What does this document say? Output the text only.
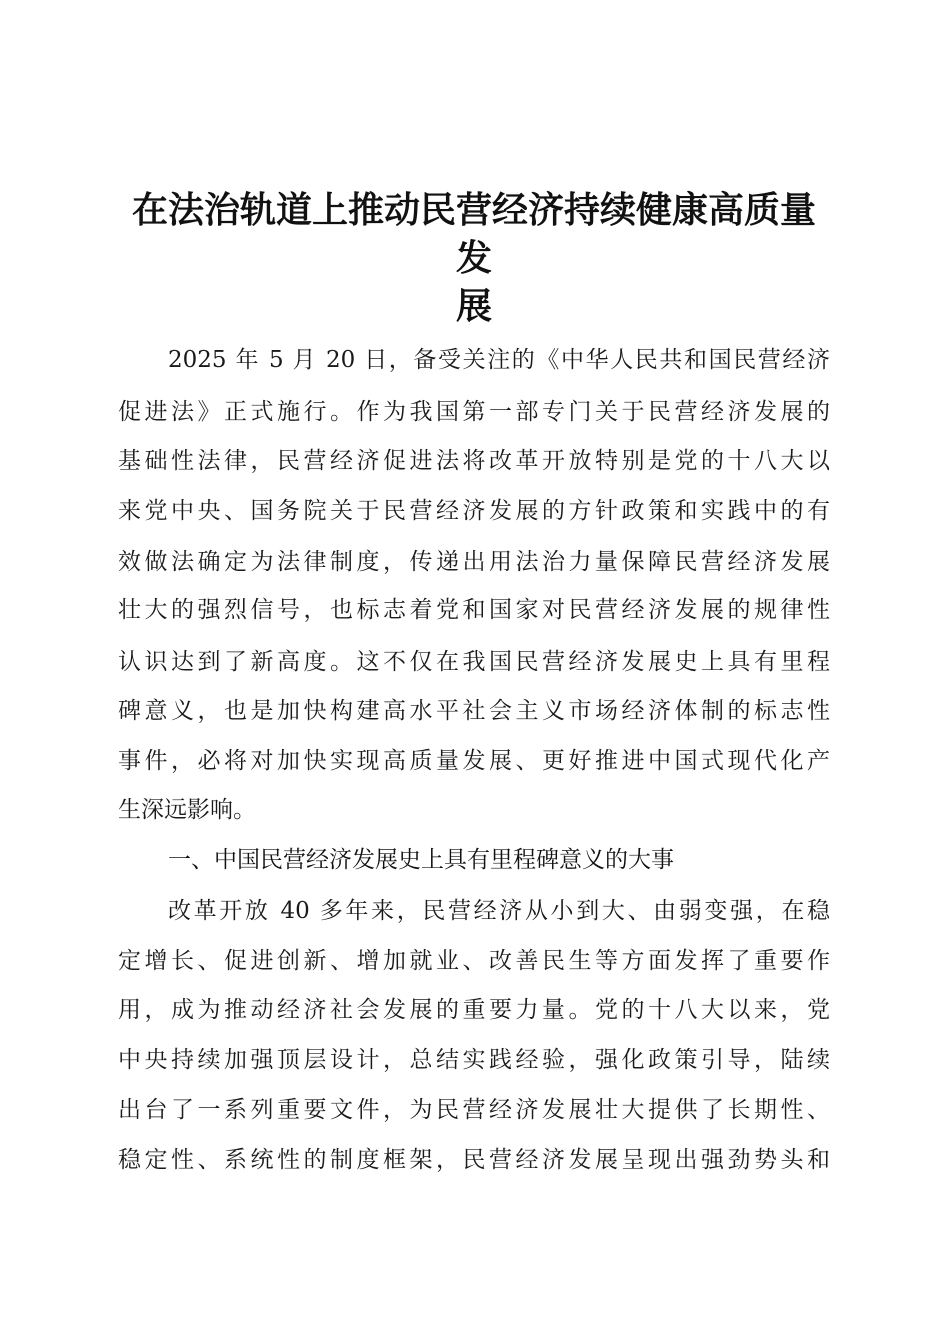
在法治轨道上推动民营经济持续健康高质量发
展

2025 年 5 月 20 日，备受关注的《中华人民共和国民营经济

促进法》正式施行。作为我国第一部专门关于民营经济发展的

基础性法律，民营经济促进法将改革开放特别是党的十八大以

来党中央、国务院关于民营经济发展的方针政策和实践中的有

效做法确定为法律制度，传递出用法治力量保障民营经济发展

壮大的强烈信号，也标志着党和国家对民营经济发展的规律性

认识达到了新高度。这不仅在我国民营经济发展史上具有里程

碑意义，也是加快构建高水平社会主义市场经济体制的标志性

事件，必将对加快实现高质量发展、更好推进中国式现代化产

生深远影响。

一、中国民营经济发展史上具有里程碑意义的大事

改革开放 40 多年来，民营经济从小到大、由弱变强，在稳

定增长、促进创新、增加就业、改善民生等方面发挥了重要作

用，成为推动经济社会发展的重要力量。党的十八大以来，党

中央持续加强顶层设计，总结实践经验，强化政策引导，陆续

出台了一系列重要文件，为民营经济发展壮大提供了长期性、

稳定性、系统性的制度框架，民营经济发展呈现出强劲势头和
